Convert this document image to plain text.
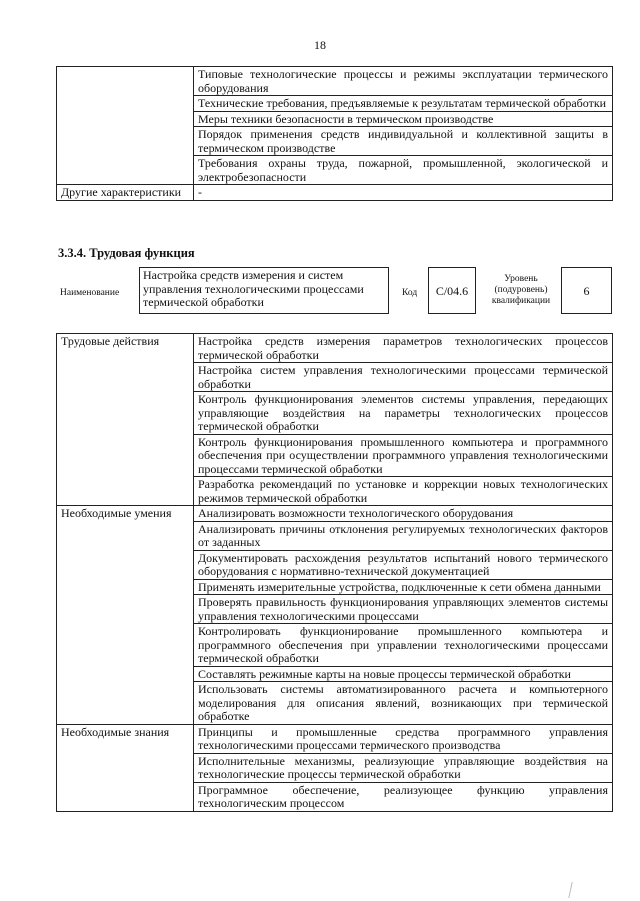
18
	Типовые технологические процессы и режимы эксплуатации термического оборудования
	Технические требования, предъявляемые к результатам термической обработки
	Меры техники безопасности в термическом производстве
	Порядок применения средств индивидуальной и коллективной защиты в термическом производстве
	Требования охраны труда, пожарной, промышленной, экологической и электробезопасности
Другие характеристики	-
3.3.4. Трудовая функция
Наименование
Настройка средств измерения и систем управления технологическими процессами термической обработки
Код	C/04.6
Уровень (подуровень) квалификации
6
Трудовые действия	Настройка средств измерения параметров технологических процессов термической обработки
	Настройка систем управления технологическими процессами термической обработки
	Контроль функционирования элементов системы управления, передающих управляющие воздействия на параметры технологических процессов термической обработки
	Контроль функционирования промышленного компьютера и программного обеспечения при осуществлении программного управления технологическими процессами термической обработки
	Разработка рекомендаций по установке и коррекции новых технологических режимов термической обработки
Необходимые умения	Анализировать возможности технологического оборудования
	Анализировать причины отклонения регулируемых технологических факторов от заданных
	Документировать расхождения результатов испытаний нового термического оборудования с нормативно-технической документацией
	Применять измерительные устройства, подключенные к сети обмена данными
	Проверять правильность функционирования управляющих элементов системы управления технологическими процессами
	Контролировать функционирование промышленного компьютера и программного обеспечения при управлении технологическими процессами термической обработки
	Составлять режимные карты на новые процессы термической обработки
	Использовать системы автоматизированного расчета и компьютерного моделирования для описания явлений, возникающих при термической обработке
Необходимые знания	Принципы и промышленные средства программного управления технологическими процессами термического производства
	Исполнительные механизмы, реализующие управляющие воздействия на технологические процессы термической обработки
	Программное обеспечение, реализующее функцию управления технологическим процессом
